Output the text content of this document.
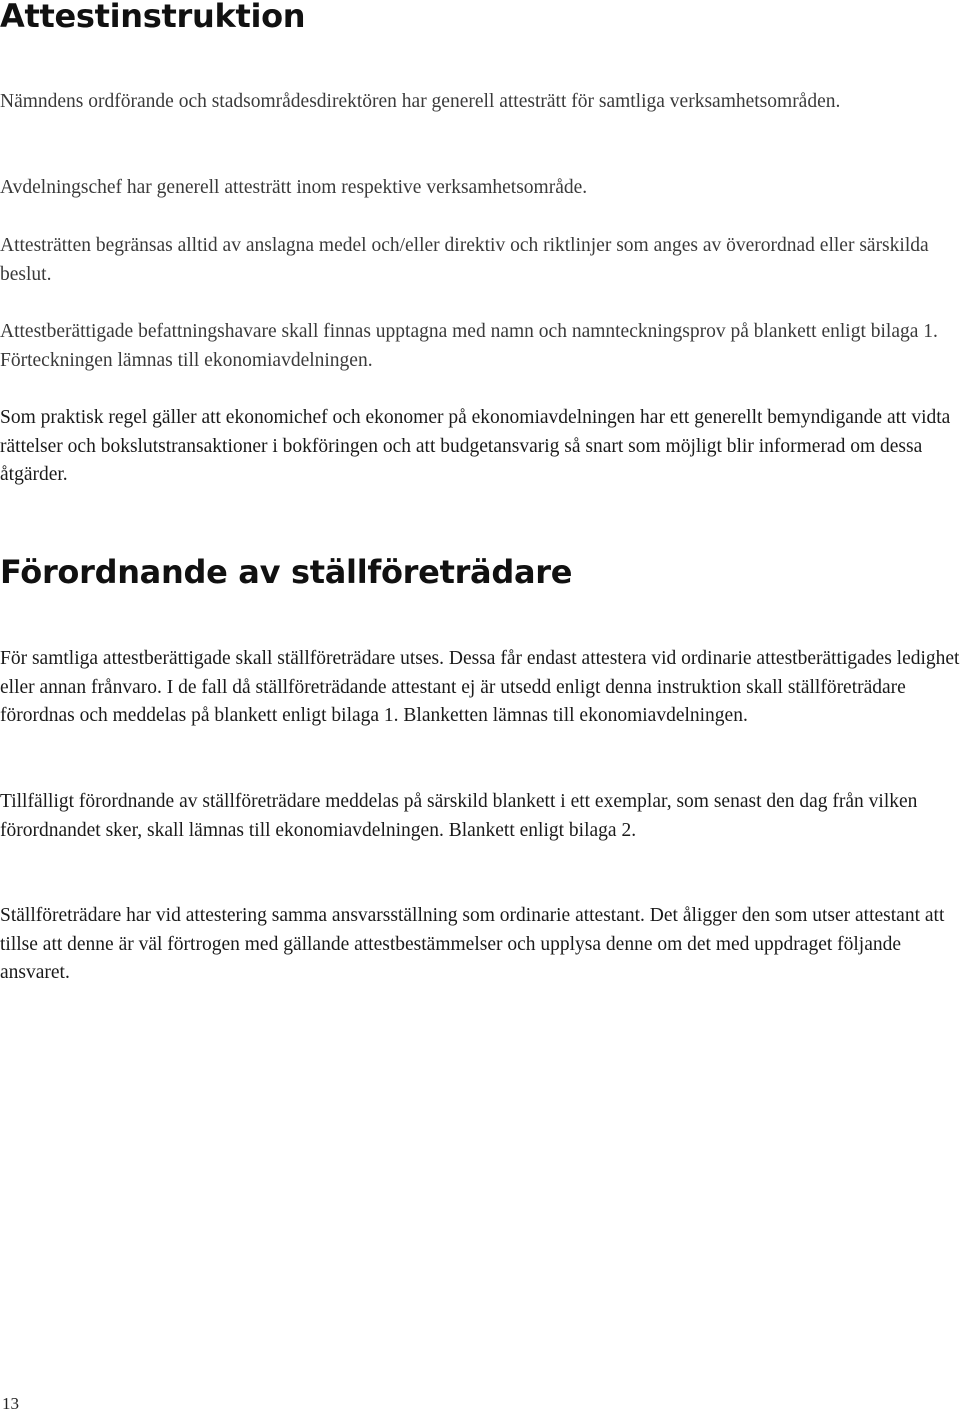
Attestinstruktion

Nämndens ordförande och stadsområdesdirektören har generell attesträtt för samtliga verksamhetsområden.

Avdelningschef har generell attesträtt inom respektive verksamhetsområde.

Attesträtten begränsas alltid av anslagna medel och/eller direktiv och riktlinjer som anges av överordnad eller särskilda beslut.

Attestberättigade befattningshavare skall finnas upptagna med namn och namnteckningsprov på blankett enligt bilaga 1. Förteckningen lämnas till ekonomiavdelningen.

Som praktisk regel gäller att ekonomichef och ekonomer på ekonomiavdelningen har ett generellt bemyndigande att vidta rättelser och bokslutstransaktioner i bokföringen och att budgetansvarig så snart som möjligt blir informerad om dessa åtgärder.

Förordnande av ställföreträdare

För samtliga attestberättigade skall ställföreträdare utses. Dessa får endast attestera vid ordinarie attestberättigades ledighet eller annan frånvaro. I de fall då ställföreträdande attestant ej är utsedd enligt denna instruktion skall ställföreträdare förordnas och meddelas på blankett enligt bilaga 1. Blanketten lämnas till ekonomiavdelningen.

Tillfälligt förordnande av ställföreträdare meddelas på särskild blankett i ett exemplar, som senast den dag från vilken förordnandet sker, skall lämnas till ekonomiavdelningen. Blankett enligt bilaga 2.

Ställföreträdare har vid attestering samma ansvarsställning som ordinarie attestant. Det åligger den som utser attestant att tillse att denne är väl förtrogen med gällande attestbestämmelser och upplysa denne om det med uppdraget följande ansvaret.

13
